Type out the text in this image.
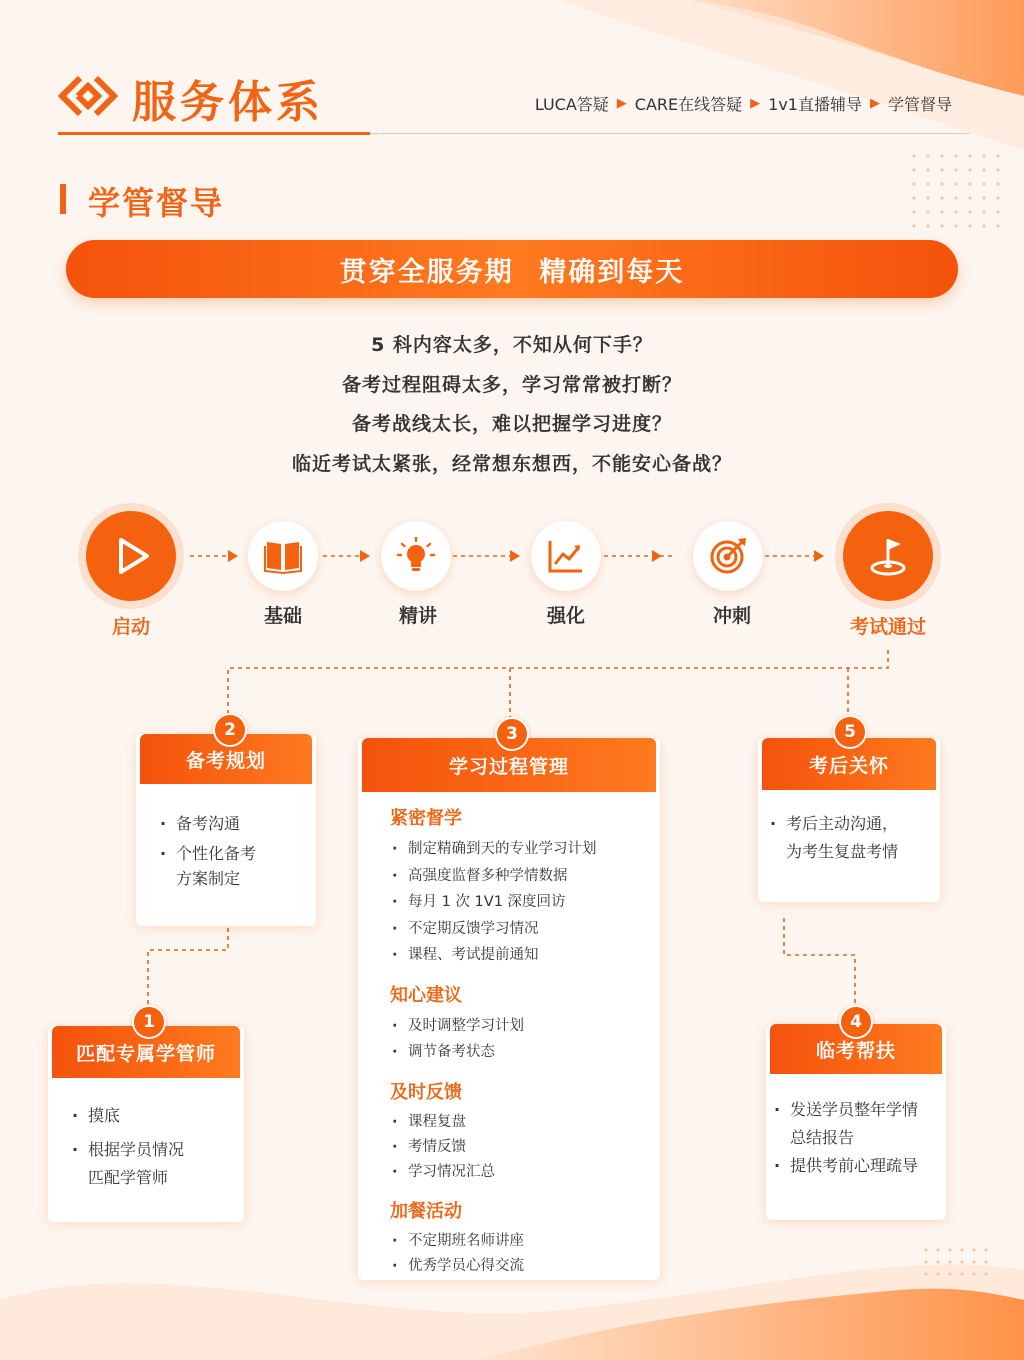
服务体系	LUCA答疑 ▶ CARE在线答疑 ▶ 1v1直播辅导 ▶ 学管督导
学管督导
贯穿全服务期 精确到每天
5 科内容太多，不知从何下手？
备考过程阻碍太多，学习常常被打断？
备考战线太长，难以把握学习进度？
临近考试太紧张，经常想东想西，不能安心备战？
启动	基础	精讲	强化	冲刺	考试通过
2
备考规划
· 备考沟通
· 个性化备考
方案制定
3
学习过程管理
紧密督学
· 制定精确到天的专业学习计划
· 高强度监督多种学情数据
· 每月 1 次 1V1 深度回访
· 不定期反馈学习情况
· 课程、考试提前通知
知心建议
· 及时调整学习计划
· 调节备考状态
及时反馈
· 课程复盘
· 考情反馈
· 学习情况汇总
加餐活动
· 不定期班名师讲座
· 优秀学员心得交流
5
考后关怀
· 考后主动沟通，
为考生复盘考情
4
临考帮扶
· 发送学员整年学情
总结报告
· 提供考前心理疏导
1
匹配专属学管师
· 摸底
· 根据学员情况
匹配学管师
